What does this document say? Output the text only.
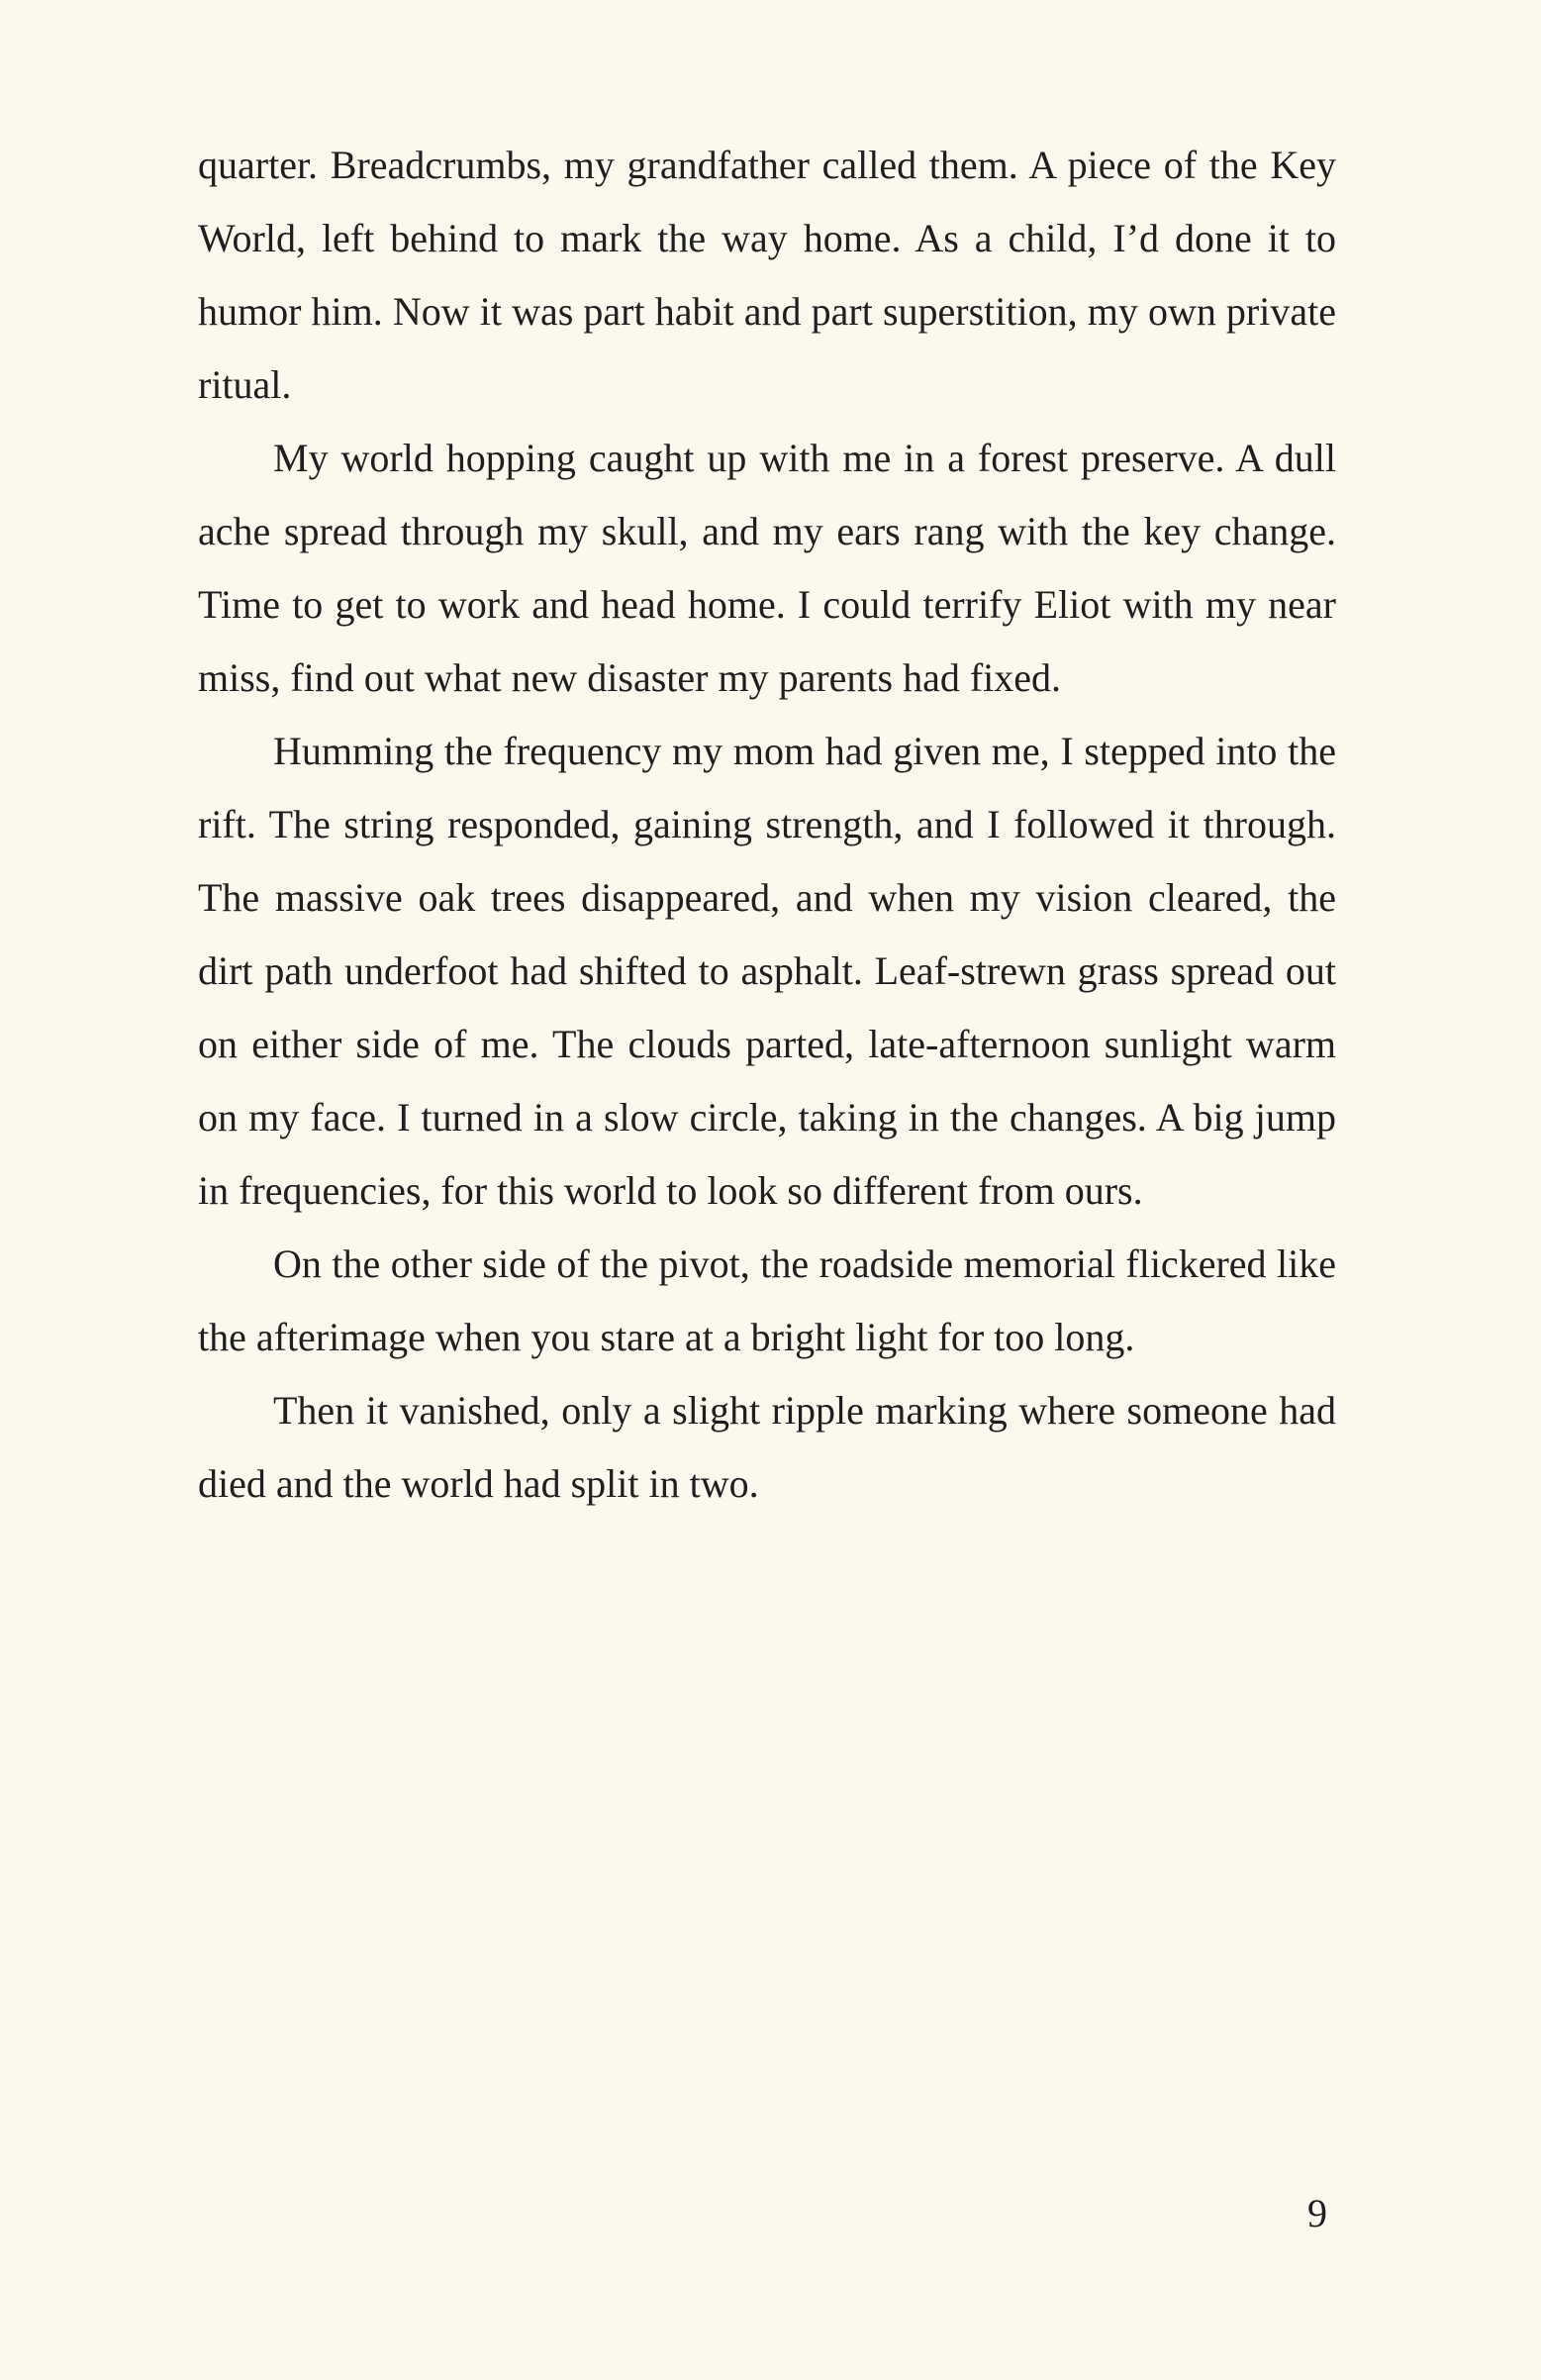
quarter. Breadcrumbs, my grandfather called them. A piece of the Key World, left behind to mark the way home. As a child, I’d done it to humor him. Now it was part habit and part superstition, my own private ritual.

My world hopping caught up with me in a forest preserve. A dull ache spread through my skull, and my ears rang with the key change. Time to get to work and head home. I could terrify Eliot with my near miss, find out what new disaster my parents had fixed.

Humming the frequency my mom had given me, I stepped into the rift. The string responded, gaining strength, and I followed it through. The massive oak trees disappeared, and when my vision cleared, the dirt path underfoot had shifted to asphalt. Leaf-strewn grass spread out on either side of me. The clouds parted, late-afternoon sunlight warm on my face. I turned in a slow circle, taking in the changes. A big jump in frequencies, for this world to look so different from ours.

On the other side of the pivot, the roadside memorial flickered like the afterimage when you stare at a bright light for too long.

Then it vanished, only a slight ripple marking where someone had died and the world had split in two.

9
